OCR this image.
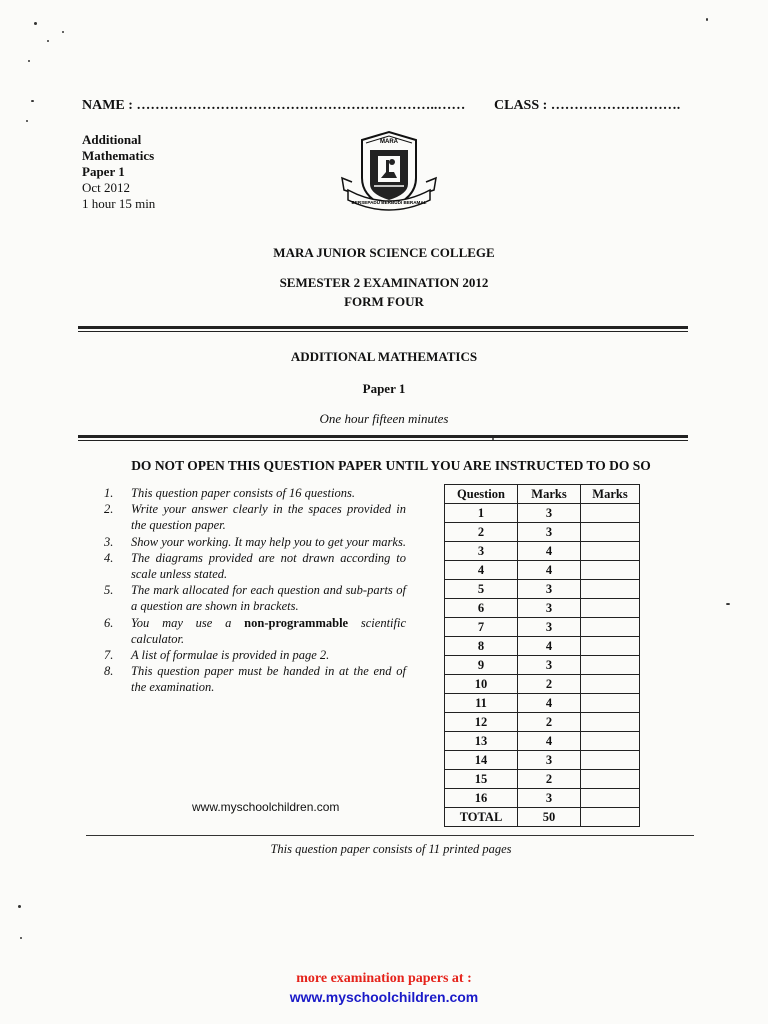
NAME : ………………………………………………………..…… CLASS : ……………………….
Additional
Mathematics
Paper 1
Oct 2012
1 hour 15 min
MARA
BERSEPADU BERBUDI BERAMAL
MARA JUNIOR SCIENCE COLLEGE
SEMESTER 2 EXAMINATION 2012
FORM FOUR
ADDITIONAL MATHEMATICS
Paper 1
One hour fifteen minutes
DO NOT OPEN THIS QUESTION PAPER UNTIL YOU ARE INSTRUCTED TO DO SO
1. This question paper consists of 16 questions.
2. Write your answer clearly in the spaces provided in the question paper.
3. Show your working. It may help you to get your marks.
4. The diagrams provided are not drawn according to scale unless stated.
5. The mark allocated for each question and sub-parts of a question are shown in brackets.
6. You may use a non-programmable scientific calculator.
7. A list of formulae is provided in page 2.
8. This question paper must be handed in at the end of the examination.
www.myschoolchildren.com
Question	Marks	Marks
1	3	
2	3	
3	4	
4	4	
5	3	
6	3	
7	3	
8	4	
9	3	
10	2	
11	4	
12	2	
13	4	
14	3	
15	2	
16	3	
TOTAL	50	
This question paper consists of 11 printed pages
more examination papers at :
www.myschoolchildren.com
